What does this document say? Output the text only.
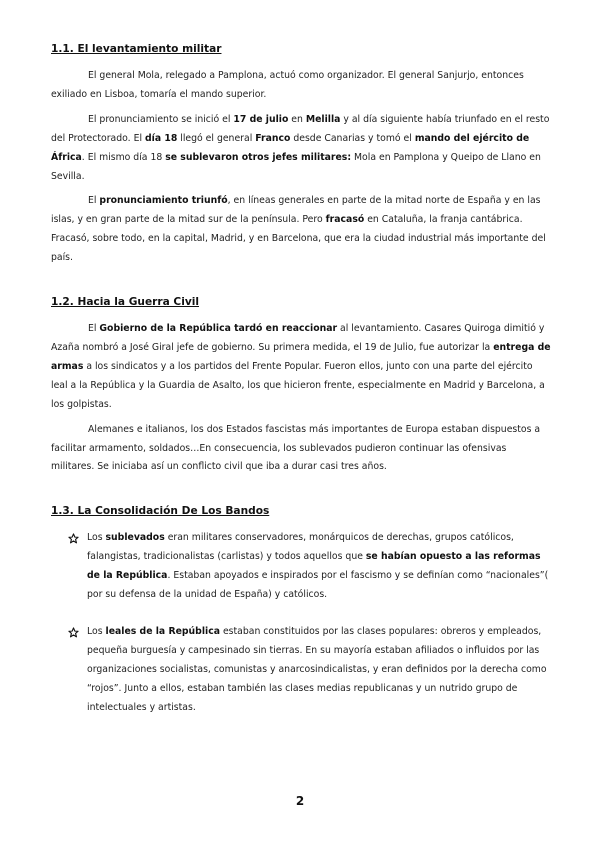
1.1. El levantamiento militar

El general Mola, relegado a Pamplona, actuó como organizador. El general Sanjurjo, entonces exiliado en Lisboa, tomaría el mando superior.

El pronunciamiento se inició el 17 de julio en Melilla y al día siguiente había triunfado en el resto del Protectorado. El día 18 llegó el general Franco desde Canarias y tomó el mando del ejército de África. El mismo día 18 se sublevaron otros jefes militares: Mola en Pamplona y Queipo de Llano en Sevilla.

El pronunciamiento triunfó, en líneas generales en parte de la mitad norte de España y en las islas, y en gran parte de la mitad sur de la península. Pero fracasó en Cataluña, la franja cantábrica. Fracasó, sobre todo, en la capital, Madrid, y en Barcelona, que era la ciudad industrial más importante del país.

1.2. Hacia la Guerra Civil

El Gobierno de la República tardó en reaccionar al levantamiento. Casares Quiroga dimitió y Azaña nombró a José Giral jefe de gobierno. Su primera medida, el 19 de Julio, fue autorizar la entrega de armas a los sindicatos y a los partidos del Frente Popular. Fueron ellos, junto con una parte del ejército leal a la República y la Guardia de Asalto, los que hicieron frente, especialmente en Madrid y Barcelona, a los golpistas.

Alemanes e italianos, los dos Estados fascistas más importantes de Europa estaban dispuestos a facilitar armamento, soldados…En consecuencia, los sublevados pudieron continuar las ofensivas militares. Se iniciaba así un conflicto civil que iba a durar casi tres años.

1.3. La Consolidación De Los Bandos
Los sublevados eran militares conservadores, monárquicos de derechas, grupos católicos, falangistas, tradicionalistas (carlistas) y todos aquellos que se habían opuesto a las reformas de la República. Estaban apoyados e inspirados por el fascismo y se definían como “nacionales”( por su defensa de la unidad de España) y católicos.
Los leales de la República estaban constituidos por las clases populares: obreros y empleados, pequeña burguesía y campesinado sin tierras. En su mayoría estaban afiliados o influidos por las organizaciones socialistas, comunistas y anarcosindicalistas, y eran definidos por la derecha como “rojos”. Junto a ellos, estaban también las clases medias republicanas y un nutrido grupo de intelectuales y artistas.
2
